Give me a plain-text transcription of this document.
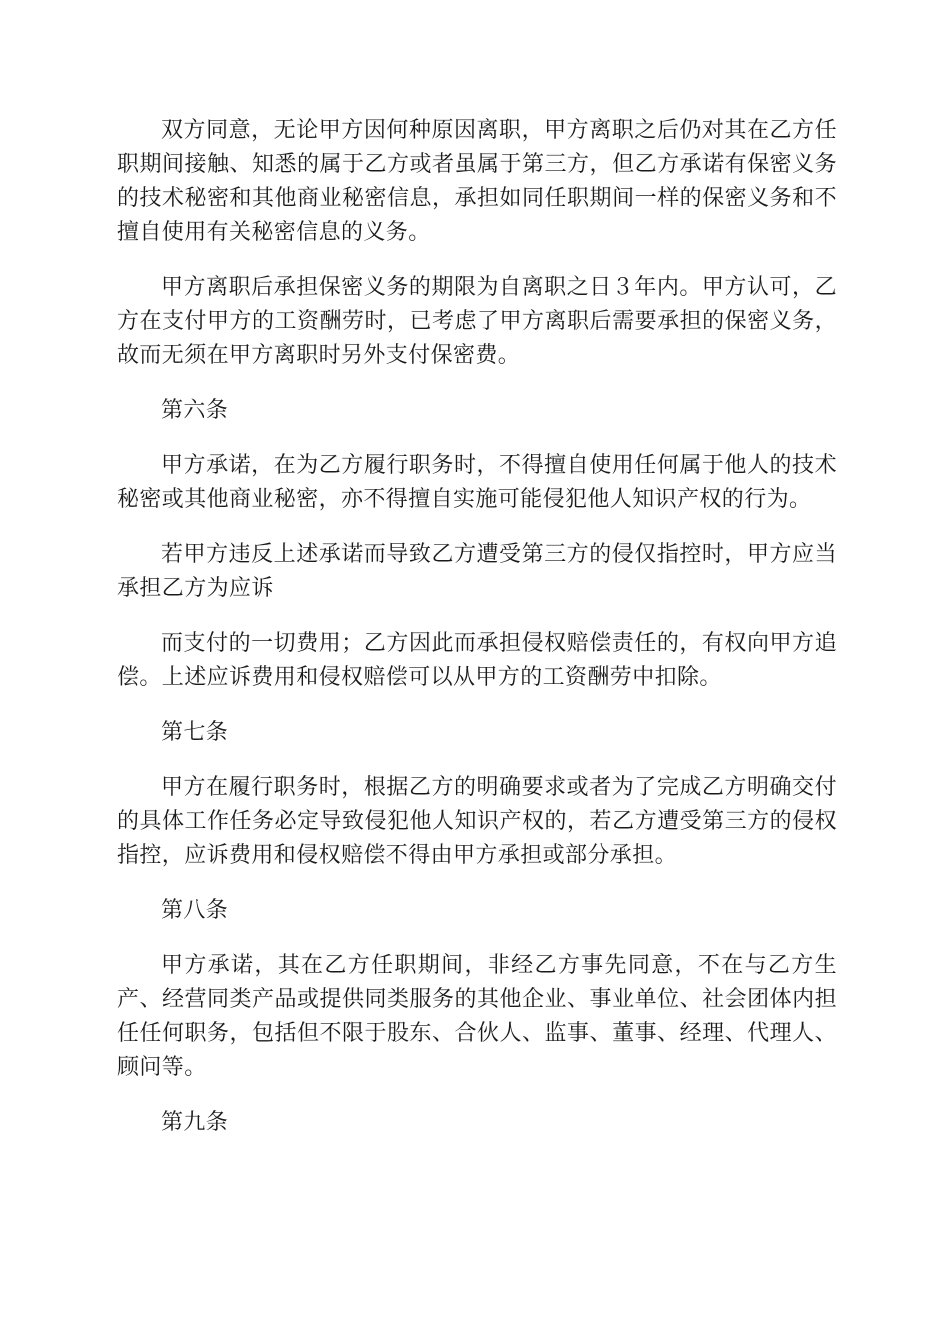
双方同意，无论甲方因何种原因离职，甲方离职之后仍对其在乙方任职期间接触、知悉的属于乙方或者虽属于第三方，但乙方承诺有保密义务的技术秘密和其他商业秘密信息，承担如同任职期间一样的保密义务和不擅自使用有关秘密信息的义务。

甲方离职后承担保密义务的期限为自离职之日３年内。甲方认可，乙方在支付甲方的工资酬劳时，已考虑了甲方离职后需要承担的保密义务，故而无须在甲方离职时另外支付保密费。

第六条

甲方承诺，在为乙方履行职务时，不得擅自使用任何属于他人的技术秘密或其他商业秘密，亦不得擅自实施可能侵犯他人知识产权的行为。

若甲方违反上述承诺而导致乙方遭受第三方的侵仅指控时，甲方应当承担乙方为应诉

而支付的一切费用；乙方因此而承担侵权赔偿责任的，有权向甲方追偿。上述应诉费用和侵权赔偿可以从甲方的工资酬劳中扣除。

第七条

甲方在履行职务时，根据乙方的明确要求或者为了完成乙方明确交付的具体工作任务必定导致侵犯他人知识产权的，若乙方遭受第三方的侵权指控，应诉费用和侵权赔偿不得由甲方承担或部分承担。

第八条

甲方承诺，其在乙方任职期间，非经乙方事先同意，不在与乙方生产、经营同类产品或提供同类服务的其他企业、事业单位、社会团体内担任任何职务，包括但不限于股东、合伙人、监事、董事、经理、代理人、顾问等。

第九条
